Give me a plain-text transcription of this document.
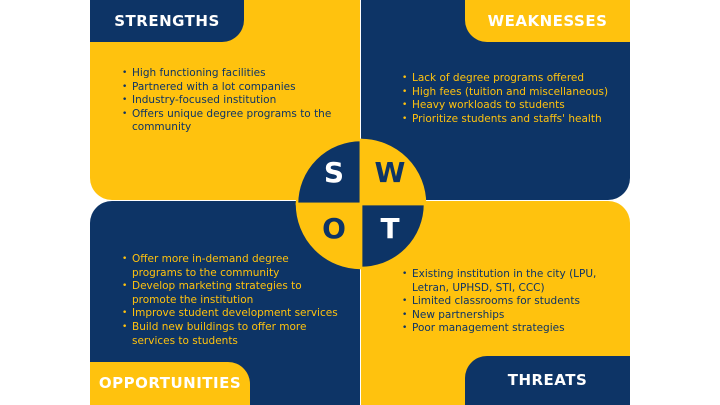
STRENGTHS	WEAKNESSES
OPPORTUNITIES	THREATS
• High functioning facilities
• Partnered with a lot companies
• Industry-focused institution
• Offers unique degree programs to the community
• Lack of degree programs offered
• High fees (tuition and miscellaneous)
• Heavy workloads to students
• Prioritize students and staffs' health
• Offer more in-demand degree programs to the community
• Develop marketing strategies to promote the institution
• Improve student development services
• Build new buildings to offer more services to students
• Existing institution in the city (LPU, Letran, UPHSD, STI, CCC)
• Limited classrooms for students
• New partnerships
• Poor management strategies
S W
O T
